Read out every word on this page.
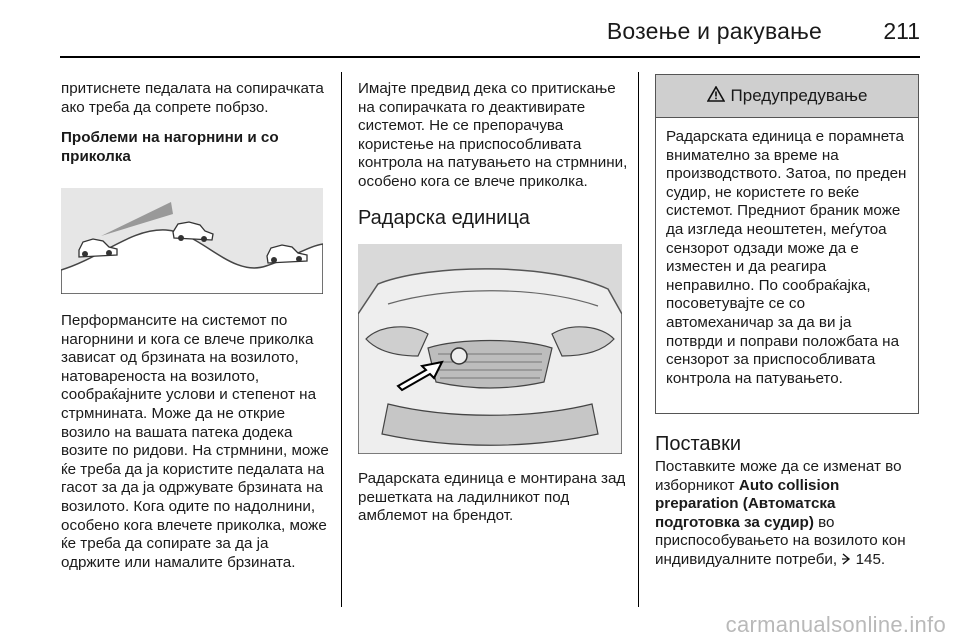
Возење и ракување	211

притиснете педалата на сопирачката ако треба да сопрете побрзо.

Проблеми на нагорнини и со приколка

Перформансите на системот по нагорнини и кога се влече приколка зависат од брзината на возилото, натовареноста на возилото, сообраќајните услови и степенот на стрмнината. Може да не открие возило на вашата патека додека возите по ридови. На стрмнини, може ќе треба да ја користите педалата на гасот за да ја одржувате брзината на возилото. Кога одите по надолнини, особено кога влечете приколка, може ќе треба да сопирате за да ја одржите или намалите брзината.

Имајте предвид дека со притискање на сопирачката го деактивирате системот. Не се препорачува користење на приспособливата контрола на патувањето на стрмнини, особено кога се влече приколка.

Радарска единица

Радарската единица е монтирана зад решетката на ладилникот под амблемот на брендот.

Предупредување

Радарската единица е порамнета внимателно за време на производството. Затоа, по преден судир, не користете го веќе системот. Предниот браник може да изгледа неоштетен, меѓутоа сензорот одзади може да е изместен и да реагира неправилно. По сообраќајка, посоветувајте се со автомеханичар за да ви ја потврди и поправи положбата на сензорот за приспособливата контрола на патувањето.

Поставки

Поставките може да се изменат во изборникот Auto collision preparation (Автоматска подготовка за судир) во приспособувањето на возилото кон индивидуалните потреби, 145.

carmanualsonline.info
